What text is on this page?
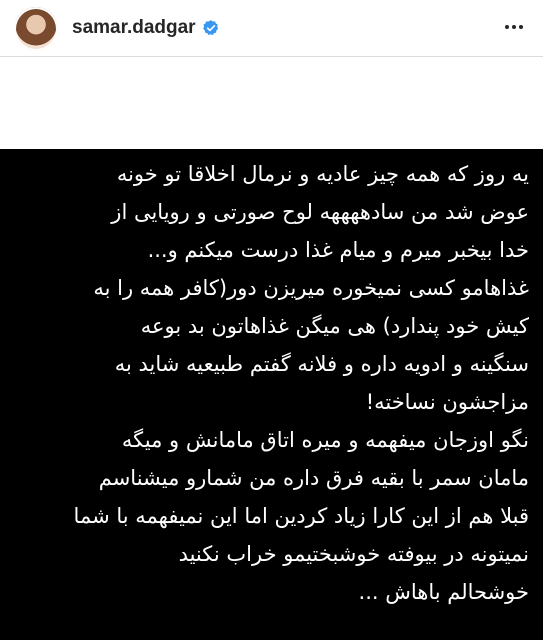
samar.dadgar
یه روز که همه چیز عادیه و نرمال اخلاقا تو خونه
عوض شد من سادههههه لوح صورتی و رویایی از
خدا بیخبر میرم و میام غذا درست میکنم و...
غذاهامو کسی نمیخوره میریزن دور(کافر همه را به
کیش خود پندارد) هی میگن غذاهاتون بد بوعه
سنگینه و ادویه داره و فلانه گفتم طبیعیه شاید به
مزاجشون نساخته!
نگو اوزجان میفهمه و میره اتاق مامانش و میگه
مامان سمر با بقیه فرق داره من شمارو میشناسم
قبلا هم از این کارا زیاد کردین اما این نمیفهمه با شما
نمیتونه در بیوفته خوشبختیمو خراب نکنید
خوشحالم باهاش ...
